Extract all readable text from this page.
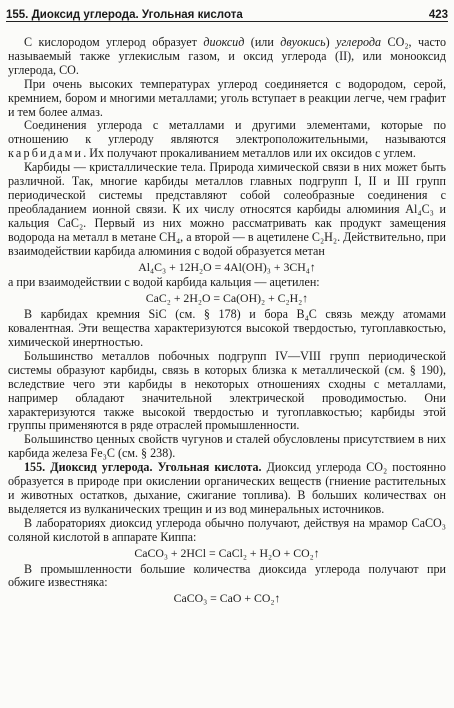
155. Диоксид углерода. Угольная кислота	423

С кислородом углерод образует диоксид (или двуокись) углерода СО₂, часто называемый также углекислым газом, и оксид углерода (II), или монооксид углерода, СО.

При очень высоких температурах углерод соединяется с водородом, серой, кремнием, бором и многими металлами; уголь вступает в реакции легче, чем графит и тем более алмаз.

Соединения углерода с металлами и другими элементами, которые по отношению к углероду являются электроположительными, называются карбидами. Их получают прокаливанием металлов или их оксидов с углем.

Карбиды — кристаллические тела. Природа химической связи в них может быть различной. Так, многие карбиды металлов главных подгрупп I, II и III групп периодической системы представляют собой солеобразные соединения с преобладанием ионной связи. К их числу относятся карбиды алюминия Al₄C₃ и кальция CaC₂. Первый из них можно рассматривать как продукт замещения водорода на металл в метане CH₄, а второй — в ацетилене C₂H₂. Действительно, при взаимодействии карбида алюминия с водой образуется метан

Al₄C₃ + 12H₂O = 4Al(OH)₃ + 3CH₄↑

а при взаимодействии с водой карбида кальция — ацетилен:

CaC₂ + 2H₂O = Ca(OH)₂ + C₂H₂↑

В карбидах кремния SiC (см. § 178) и бора B₄C связь между атомами ковалентная. Эти вещества характеризуются высокой твердостью, тугоплавкостью, химической инертностью.

Большинство металлов побочных подгрупп IV—VIII групп периодической системы образуют карбиды, связь в которых близка к металлической (см. § 190), вследствие чего эти карбиды в некоторых отношениях сходны с металлами, например обладают значительной электрической проводимостью. Они характеризуются также высокой твердостью и тугоплавкостью; карбиды этой группы применяются в ряде отраслей промышленности.

Большинство ценных свойств чугунов и сталей обусловлены присутствием в них карбида железа Fe₃C (см. § 238).

155. Диоксид углерода. Угольная кислота. Диоксид углерода CO₂ постоянно образуется в природе при окислении органических веществ (гниение растительных и животных остатков, дыхание, сжигание топлива). В больших количествах он выделяется из вулканических трещин и из вод минеральных источников.

В лабораториях диоксид углерода обычно получают, действуя на мрамор CaCO₃ соляной кислотой в аппарате Киппа:

CaCO₃ + 2HCl = CaCl₂ + H₂O + CO₂↑

В промышленности большие количества диоксида углерода получают при обжиге известняка:

CaCO₃ = CaO + CO₂↑
